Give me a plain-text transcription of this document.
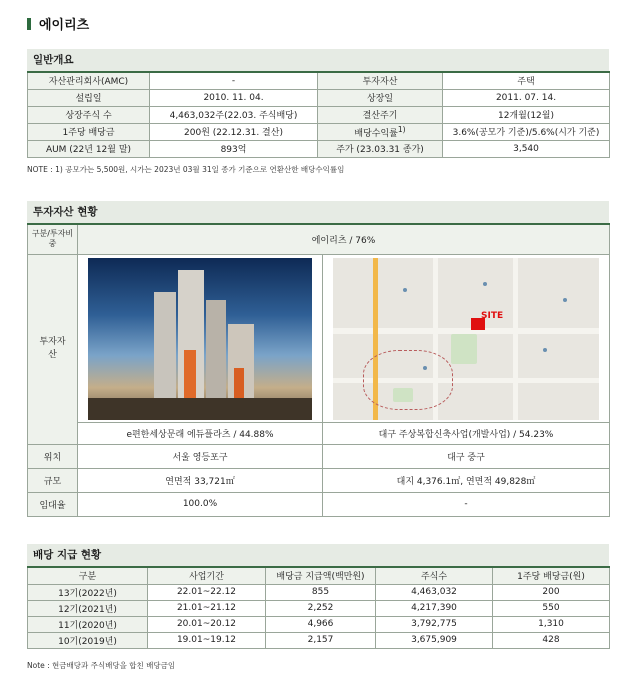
에이리츠
일반개요
자산관리회사(AMC)	-	투자자산	주택
설립일	2010. 11. 04.	상장일	2011. 07. 14.
상장주식 수	4,463,032주(22.03. 주식배당)	결산주기	12개월(12월)
1주당 배당금	200원 (22.12.31. 결산)	배당수익률$^{1)}$	3.6%(공모가 기준)/5.6%(시가 기준)
AUM (22년 12월 말)	893억	주가 (23.03.31 종가)	3,540
NOTE : 1) 공모가는 5,500원, 시가는 2023년 03월 31일 종가 기준으로 연환산한 배당수익률임
투자자산 현황
구분/투자비중	에이리츠 / 76%	
투자자산		SITE

	e편한세상문래 에듀플라츠 / 44.88%	대구 주상복합신축사업(개발사업) / 54.23%
위치	서울 영등포구	대구 중구
규모	연면적 33,721㎡	대지 4,376.1㎡, 연면적 49,828㎡
임대율	100.0%	-
배당 지급 현황
구분	사업기간	배당금 지급액(백만원)	주식수	1주당 배당금(원)
13기(2022년)	22.01~22.12	855	4,463,032	200
12기(2021년)	21.01~21.12	2,252	4,217,390	550
11기(2020년)	20.01~20.12	4,966	3,792,775	1,310
10기(2019년)	19.01~19.12	2,157	3,675,909	428
Note : 현금배당과 주식배당을 합친 배당금임
